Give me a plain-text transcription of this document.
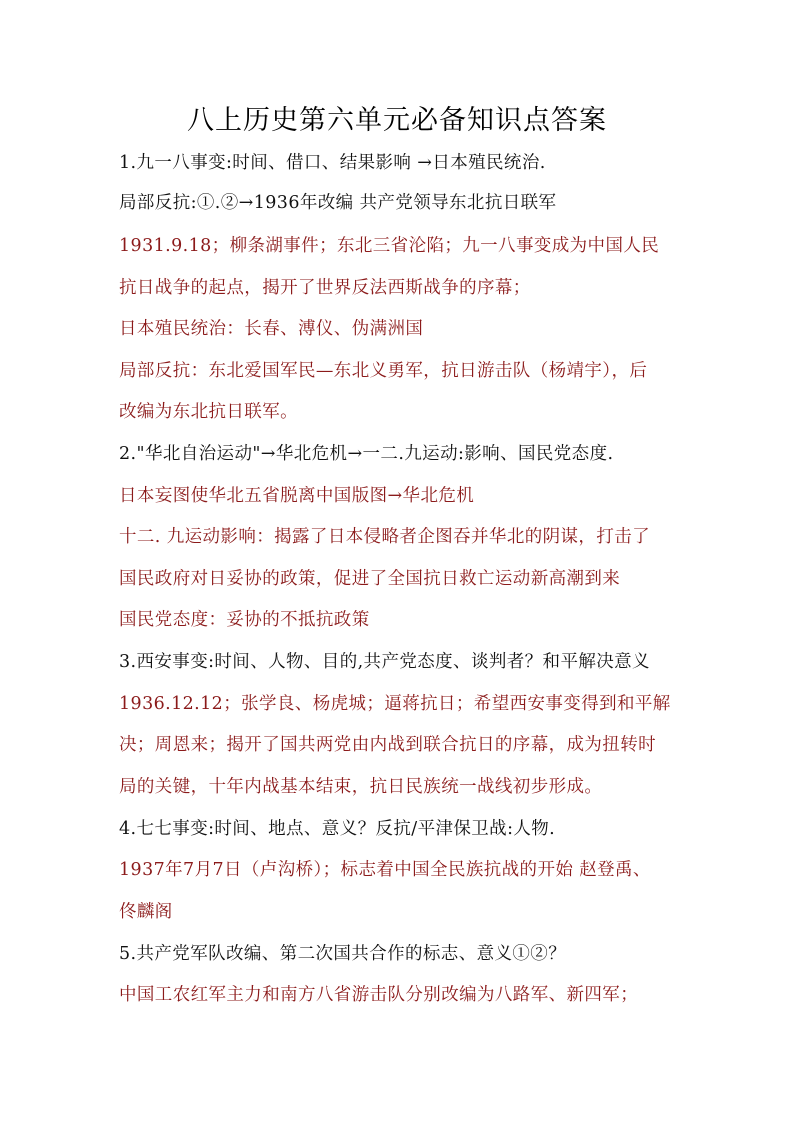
八上历史第六单元必备知识点答案
1.九一八事变:时间、借口、结果影响 →日本殖民统治.
局部反抗:①.②→1936年改编 共产党领导东北抗日联军
1931.9.18；柳条湖事件；东北三省沦陷；九一八事变成为中国人民
抗日战争的起点，揭开了世界反法西斯战争的序幕；
日本殖民统治：长春、溥仪、伪满洲国
局部反抗：东北爱国军民—东北义勇军，抗日游击队（杨靖宇），后
改编为东北抗日联军。
2."华北自治运动"→华北危机→一二.九运动:影响、国民党态度.
日本妄图使华北五省脱离中国版图→华北危机
十二. 九运动影响：揭露了日本侵略者企图吞并华北的阴谋，打击了
国民政府对日妥协的政策，促进了全国抗日救亡运动新高潮到来
国民党态度：妥协的不抵抗政策
3.西安事变:时间、人物、目的,共产党态度、谈判者？和平解决意义
1936.12.12；张学良、杨虎城；逼蒋抗日；希望西安事变得到和平解
决；周恩来；揭开了国共两党由内战到联合抗日的序幕，成为扭转时
局的关键，十年内战基本结束，抗日民族统一战线初步形成。
4.七七事变:时间、地点、意义？反抗/平津保卫战:人物.
1937年7月7日（卢沟桥）；标志着中国全民族抗战的开始 赵登禹、
佟麟阁
5.共产党军队改编、第二次国共合作的标志、意义①②？
中国工农红军主力和南方八省游击队分别改编为八路军、新四军；
